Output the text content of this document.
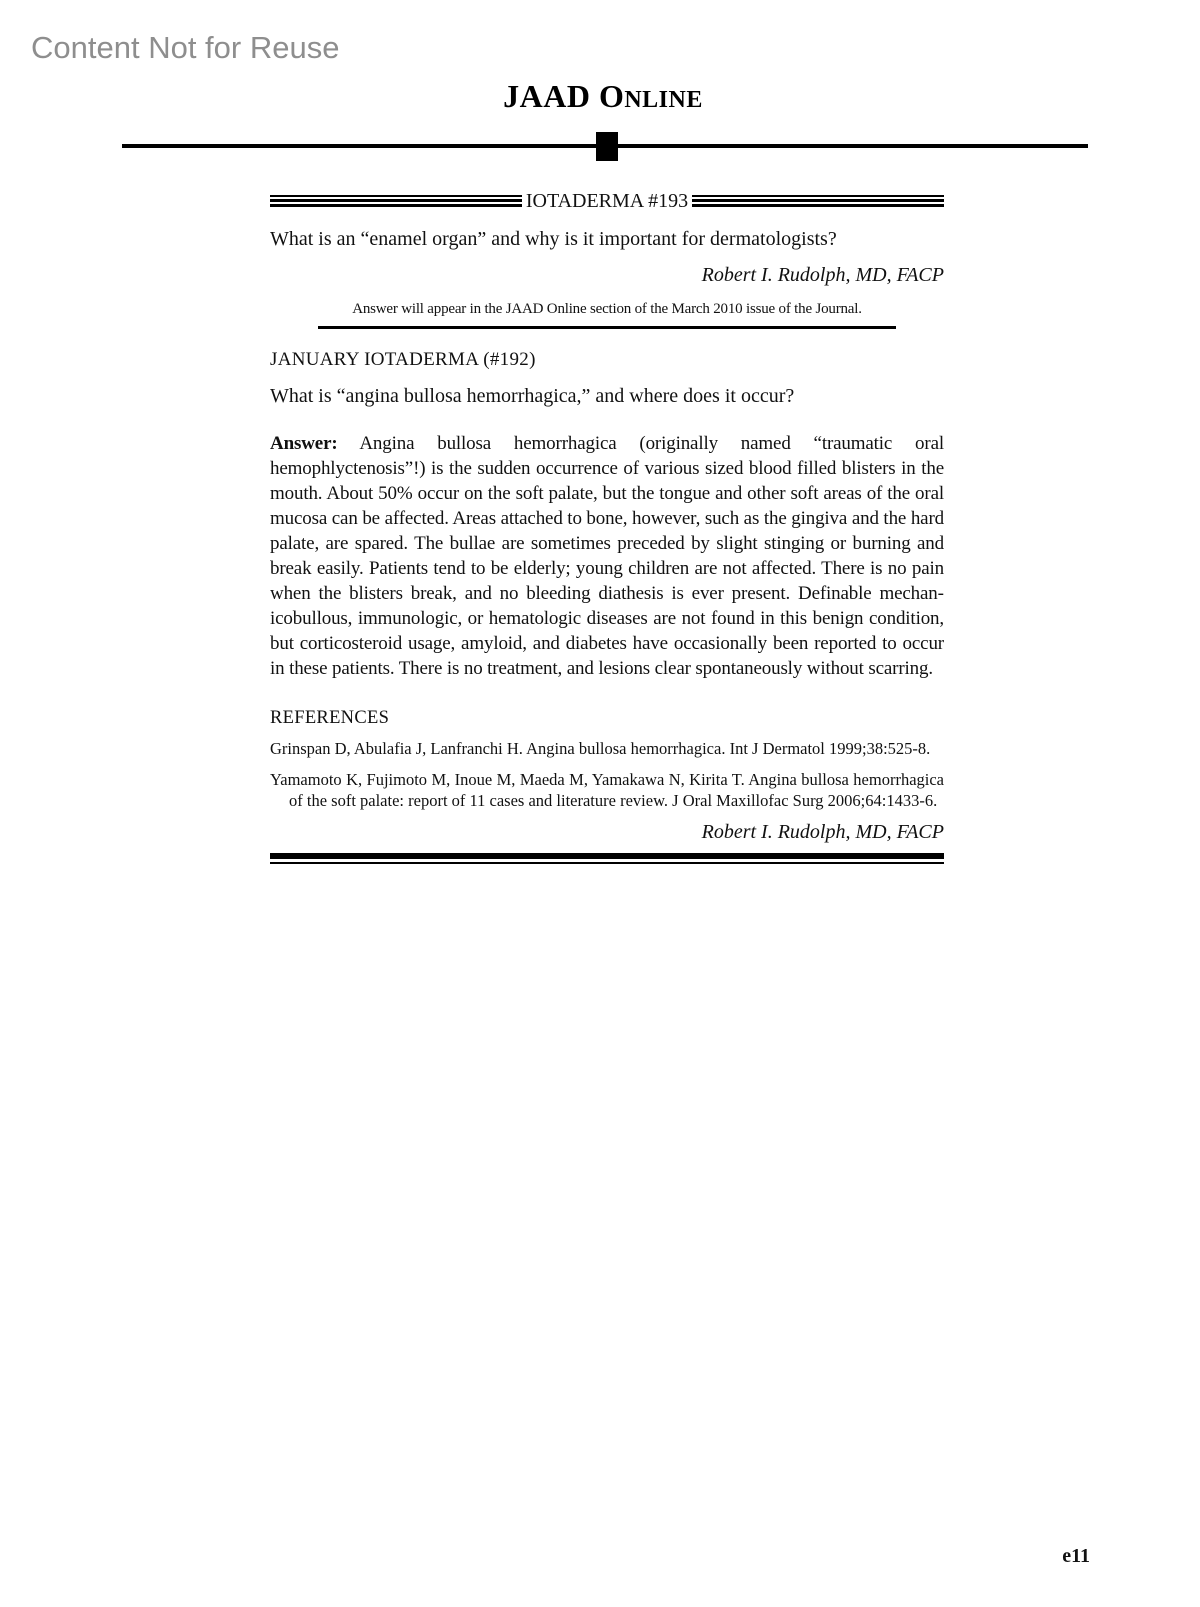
Content Not for Reuse
JAAD ONLINE
IOTADERMA #193

What is an “enamel organ” and why is it important for dermatologists?

Robert I. Rudolph, MD, FACP

Answer will appear in the JAAD Online section of the March 2010 issue of the Journal.

JANUARY IOTADERMA (#192)

What is “angina bullosa hemorrhagica,” and where does it occur?

Answer: Angina bullosa hemorrhagica (originally named “traumatic oral hemophlyctenosis”!) is the sudden occurrence of various sized blood filled blisters in the mouth. About 50% occur on the soft palate, but the tongue and other soft areas of the oral mucosa can be affected. Areas attached to bone, however, such as the gingiva and the hard palate, are spared. The bullae are sometimes preceded by slight stinging or burning and break easily. Patients tend to be elderly; young children are not affected. There is no pain when the blisters break, and no bleeding diathesis is ever present. Definable mechanicobullous, immunologic, or hematologic diseases are not found in this benign condition, but corticosteroid usage, amyloid, and diabetes have occasionally been reported to occur in these patients. There is no treatment, and lesions clear spontaneously without scarring.

REFERENCES

Grinspan D, Abulafia J, Lanfranchi H. Angina bullosa hemorrhagica. Int J Dermatol 1999;38:525-8.

Yamamoto K, Fujimoto M, Inoue M, Maeda M, Yamakawa N, Kirita T. Angina bullosa hemorrhagica of the soft palate: report of 11 cases and literature review. J Oral Maxillofac Surg 2006;64:1433-6.

Robert I. Rudolph, MD, FACP

e11
